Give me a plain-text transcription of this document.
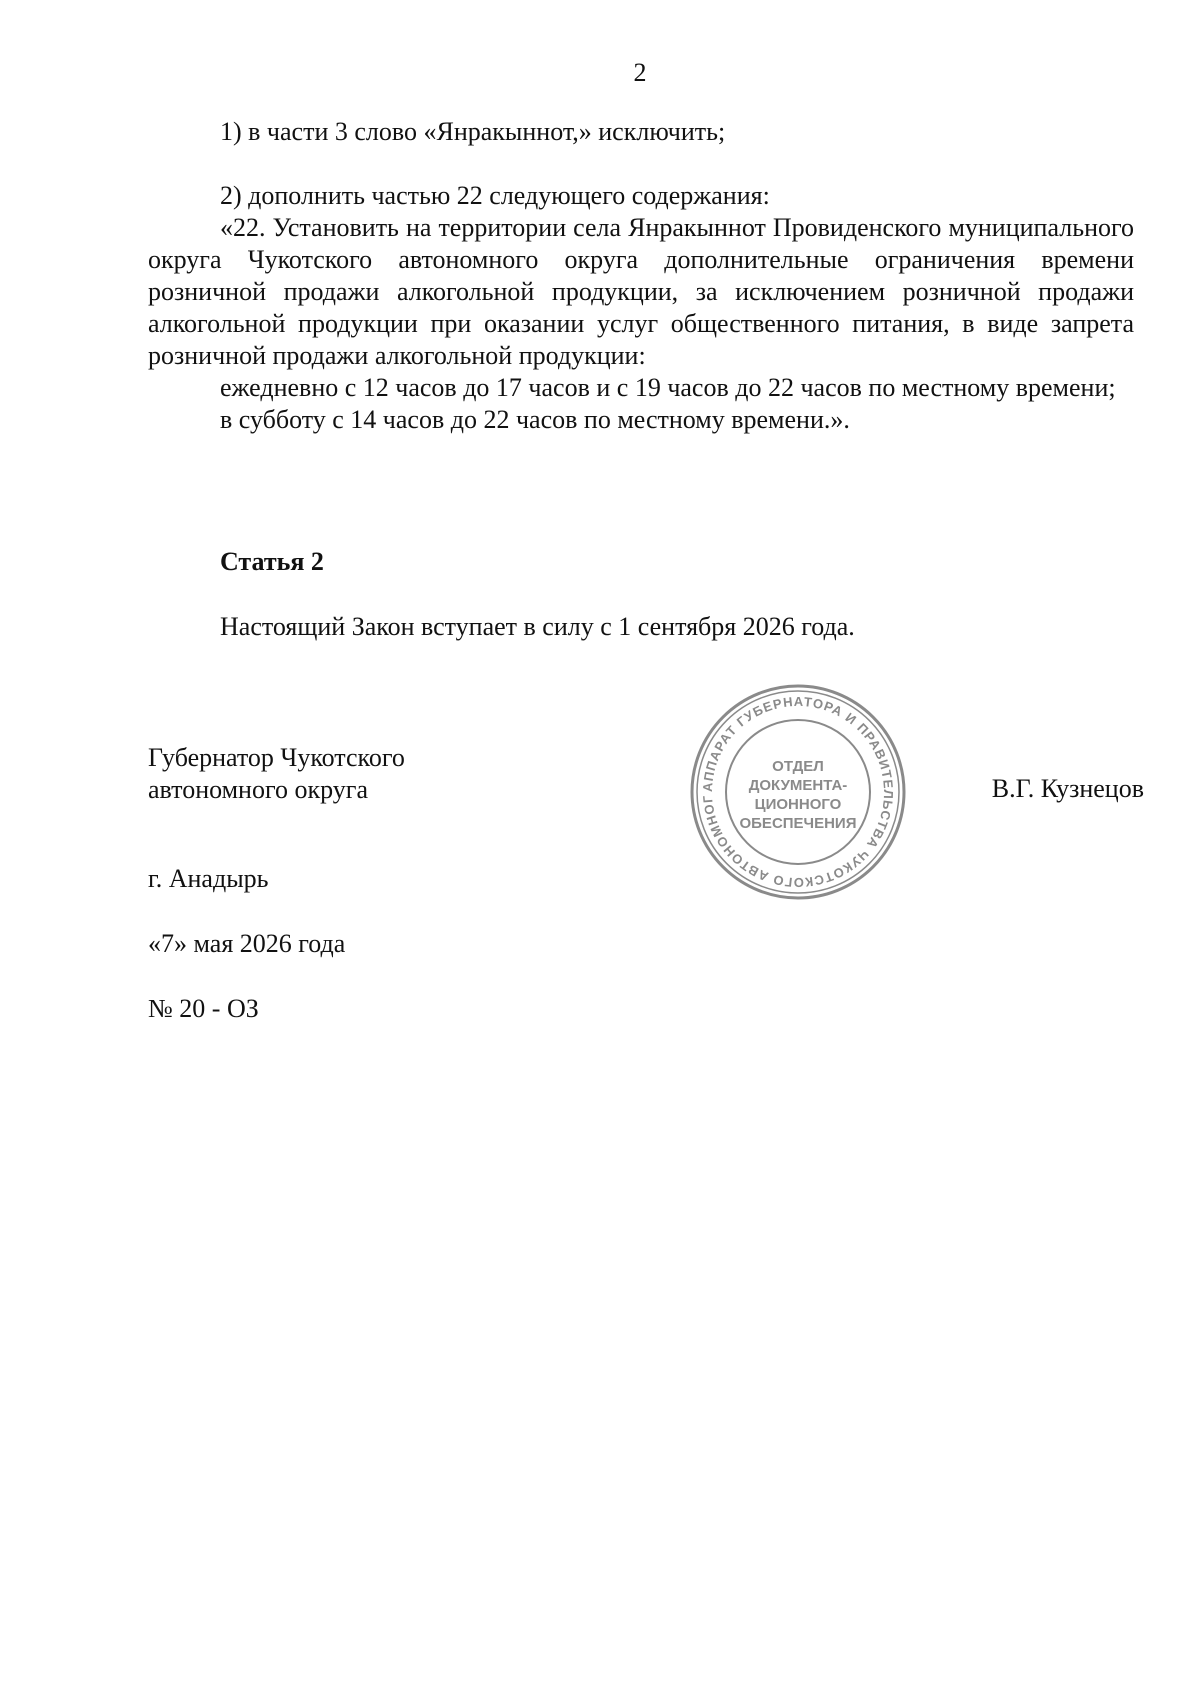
2

1) в части 3 слово «Янракыннот,» исключить;

2) дополнить частью 22 следующего содержания:

«22. Установить на территории села Янракыннот Провиденского муниципального округа Чукотского автономного округа дополнительные ограничения времени розничной продажи алкогольной продукции, за исключением розничной продажи алкогольной продукции при оказании услуг общественного питания, в виде запрета розничной продажи алкогольной продукции:

ежедневно с 12 часов до 17 часов и с 19 часов до 22 часов по местному времени;

в субботу с 14 часов до 22 часов по местному времени.».

Статья 2

Настоящий Закон вступает в силу с 1 сентября 2026 года.

Губернатор Чукотского
автономного округа	В.Г. Кузнецов
АППАРАТ ГУБЕРНАТОРА И ПРАВИТЕЛЬСТВА ЧУКОТСКОГО АВТОНОМНОГ
ОТДЕЛ
ДОКУМЕНТА-
ЦИОННОГО
ОБЕСПЕЧЕНИЯ
г. Анадырь
«7» мая 2026 года
№ 20 - ОЗ
